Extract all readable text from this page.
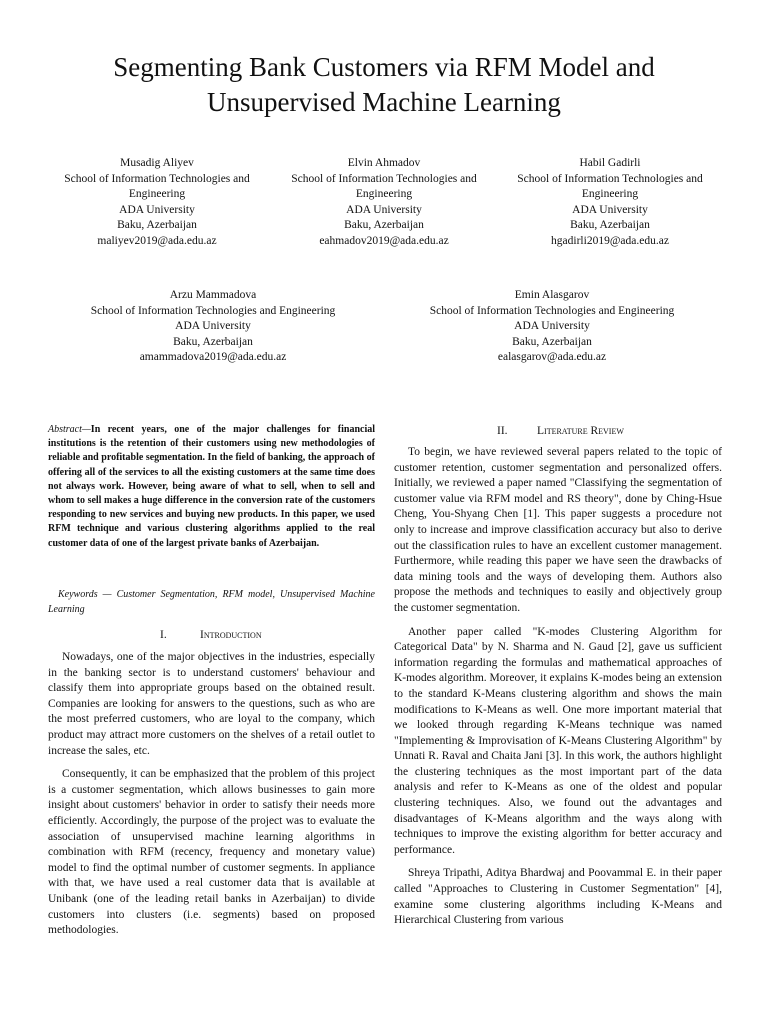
Segmenting Bank Customers via RFM Model and Unsupervised Machine Learning
Musadig Aliyev
School of Information Technologies and Engineering
ADA University
Baku, Azerbaijan
maliyev2019@ada.edu.az
Elvin Ahmadov
School of Information Technologies and Engineering
ADA University
Baku, Azerbaijan
eahmadov2019@ada.edu.az
Habil Gadirli
School of Information Technologies and Engineering
ADA University
Baku, Azerbaijan
hgadirli2019@ada.edu.az
Arzu Mammadova
School of Information Technologies and Engineering
ADA University
Baku, Azerbaijan
amammadova2019@ada.edu.az
Emin Alasgarov
School of Information Technologies and Engineering
ADA University
Baku, Azerbaijan
ealasgarov@ada.edu.az
Abstract—In recent years, one of the major challenges for financial institutions is the retention of their customers using new methodologies of reliable and profitable segmentation. In the field of banking, the approach of offering all of the services to all the existing customers at the same time does not always work. However, being aware of what to sell, when to sell and whom to sell makes a huge difference in the conversion rate of the customers responding to new services and buying new products. In this paper, we used RFM technique and various clustering algorithms applied to the real customer data of one of the largest private banks of Azerbaijan.
Keywords — Customer Segmentation, RFM model, Unsupervised Machine Learning
I.	Introduction

Nowadays, one of the major objectives in the industries, especially in the banking sector is to understand customers' behaviour and classify them into appropriate groups based on the obtained result. Companies are looking for answers to the questions, such as who are the most preferred customers, who are loyal to the company, which product may attract more customers on the shelves of a retail outlet to increase the sales, etc.

Consequently, it can be emphasized that the problem of this project is a customer segmentation, which allows businesses to gain more insight about customers' behavior in order to satisfy their needs more efficiently. Accordingly, the purpose of the project was to evaluate the association of unsupervised machine learning algorithms in combination with RFM (recency, frequency and monetary value) model to find the optimal number of customer segments. In appliance with that, we have used a real customer data that is available at Unibank (one of the leading retail banks in Azerbaijan) to divide customers into clusters (i.e. segments) based on proposed methodologies.

II.	Literature Review

To begin, we have reviewed several papers related to the topic of customer retention, customer segmentation and personalized offers. Initially, we reviewed a paper named "Classifying the segmentation of customer value via RFM model and RS theory", done by Ching-Hsue Cheng, You-Shyang Chen [1]. This paper suggests a procedure not only to increase and improve classification accuracy but also to derive out the classification rules to have an excellent customer management. Furthermore, while reading this paper we have seen the drawbacks of data mining tools and the ways of developing them. Authors also propose the methods and techniques to easily and objectively group the customer segmentation.

Another paper called "K-modes Clustering Algorithm for Categorical Data" by N. Sharma and N. Gaud [2], gave us sufficient information regarding the formulas and mathematical approaches of K-modes algorithm. Moreover, it explains K-modes being an extension to the standard K-Means clustering algorithm and shows the main modifications to K-Means as well. One more important material that we looked through regarding K-Means technique was named "Implementing & Improvisation of K-Means Clustering Algorithm" by Unnati R. Raval and Chaita Jani [3]. In this work, the authors highlight the clustering techniques as the most important part of the data analysis and refer to K-Means as one of the oldest and popular clustering techniques. Also, we found out the advantages and disadvantages of K-Means algorithm and the ways along with techniques to improve the existing algorithm for better accuracy and performance.

Shreya Tripathi, Aditya Bhardwaj and Poovammal E. in their paper called "Approaches to Clustering in Customer Segmentation" [4], examine some clustering algorithms including K-Means and Hierarchical Clustering from various
